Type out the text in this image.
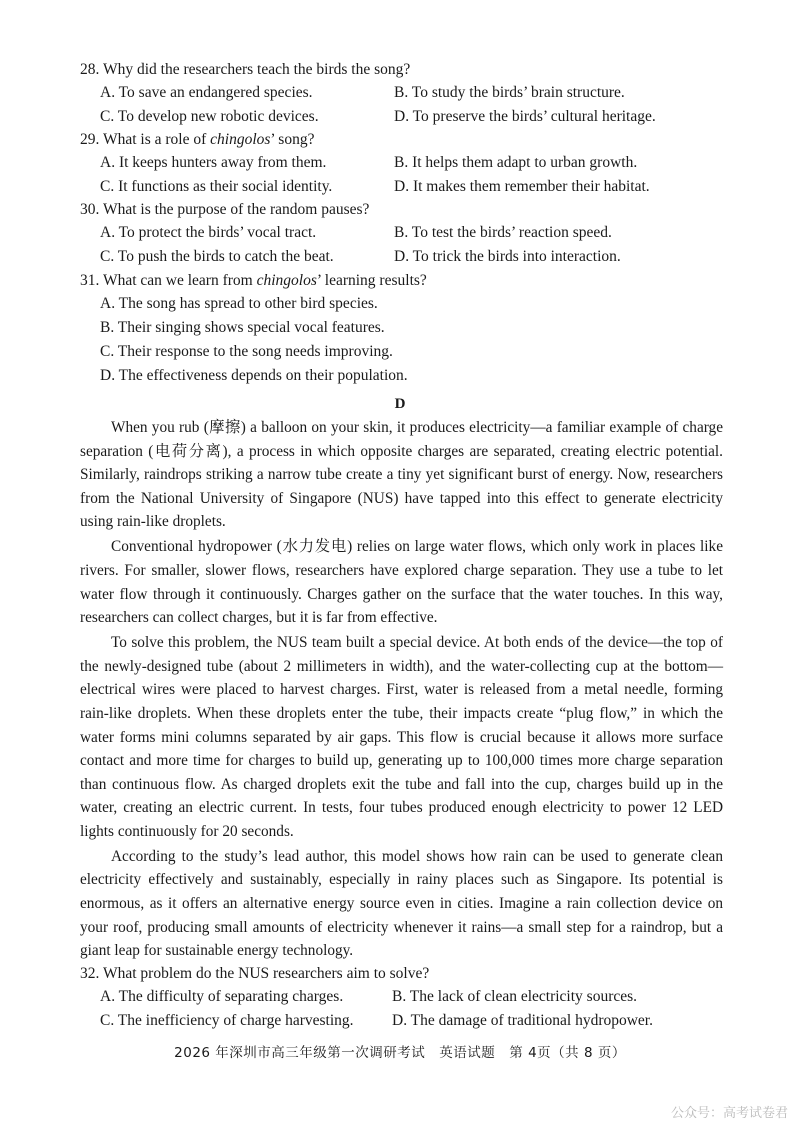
28. Why did the researchers teach the birds the song?
A. To save an endangered species.	B. To study the birds’ brain structure.
C. To develop new robotic devices.	D. To preserve the birds’ cultural heritage.
29. What is a role of chingolos’ song?
A. It keeps hunters away from them.	B. It helps them adapt to urban growth.
C. It functions as their social identity.	D. It makes them remember their habitat.
30. What is the purpose of the random pauses?
A. To protect the birds’ vocal tract.	B. To test the birds’ reaction speed.
C. To push the birds to catch the beat.	D. To trick the birds into interaction.
31. What can we learn from chingolos’ learning results?
A. The song has spread to other bird species.
B. Their singing shows special vocal features.
C. Their response to the song needs improving.
D. The effectiveness depends on their population.
D

When you rub (摩擦) a balloon on your skin, it produces electricity—a familiar example of charge separation (电荷分离), a process in which opposite charges are separated, creating electric potential. Similarly, raindrops striking a narrow tube create a tiny yet significant burst of energy. Now, researchers from the National University of Singapore (NUS) have tapped into this effect to generate electricity using rain-like droplets.

Conventional hydropower (水力发电) relies on large water flows, which only work in places like rivers. For smaller, slower flows, researchers have explored charge separation. They use a tube to let water flow through it continuously. Charges gather on the surface that the water touches. In this way, researchers can collect charges, but it is far from effective.

To solve this problem, the NUS team built a special device. At both ends of the device—the top of the newly-designed tube (about 2 millimeters in width), and the water-collecting cup at the bottom—electrical wires were placed to harvest charges. First, water is released from a metal needle, forming rain-like droplets. When these droplets enter the tube, their impacts create “plug flow,” in which the water forms mini columns separated by air gaps. This flow is crucial because it allows more surface contact and more time for charges to build up, generating up to 100,000 times more charge separation than continuous flow. As charged droplets exit the tube and fall into the cup, charges build up in the water, creating an electric current. In tests, four tubes produced enough electricity to power 12 LED lights continuously for 20 seconds.

According to the study’s lead author, this model shows how rain can be used to generate clean electricity effectively and sustainably, especially in rainy places such as Singapore. Its potential is enormous, as it offers an alternative energy source even in cities. Imagine a rain collection device on your roof, producing small amounts of electricity whenever it rains—a small step for a raindrop, but a giant leap for sustainable energy technology.

32. What problem do the NUS researchers aim to solve?
A. The difficulty of separating charges.	B. The lack of clean electricity sources.
C. The inefficiency of charge harvesting. D. The damage of traditional hydropower.
2026 年深圳市高三年级第一次调研考试　英语试题　第 4页（共 8 页）
公众号：高考试卷君
